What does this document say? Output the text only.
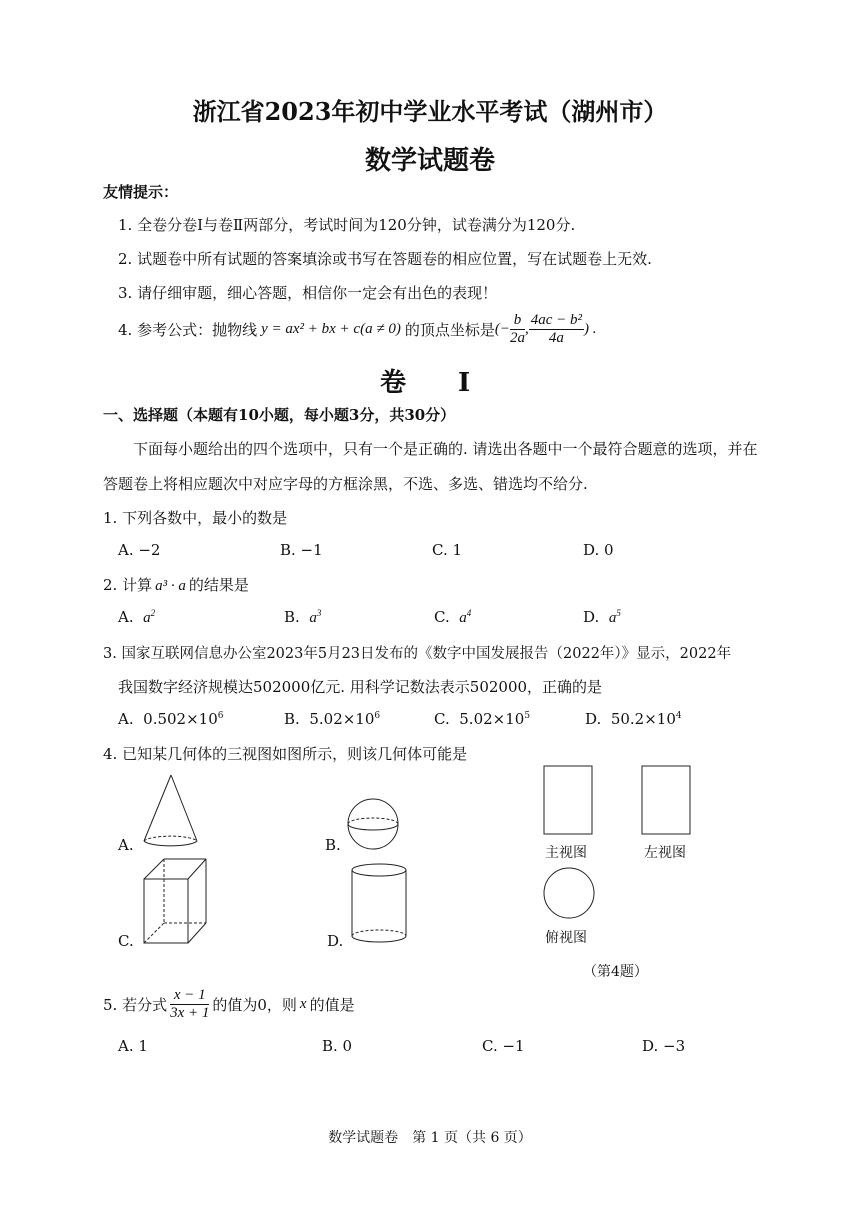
浙江省2023年初中学业水平考试（湖州市）
数学试题卷
友情提示：
1. 全卷分卷Ⅰ与卷Ⅱ两部分，考试时间为120分钟，试卷满分为120分.
2. 试题卷中所有试题的答案填涂或书写在答题卷的相应位置，写在试题卷上无效.
3. 请仔细审题，细心答题，相信你一定会有出色的表现！
4. 参考公式：抛物线 y = ax² + bx + c(a ≠ 0) 的顶点坐标是 (− $\frac{b}{2a}$ , $\frac{\text{4ac − b²}}{4a}$ ) .
卷　　Ⅰ
一、选择题（本题有10小题，每小题3分，共30分）
下面每小题给出的四个选项中，只有一个是正确的. 请选出各题中一个最符合题意的选项，并在
答题卷上将相应题次中对应字母的方框涂黑，不选、多选、错选均不给分.
1. 下列各数中，最小的数是
A. −2	B. −1	C. 1	D. 0
2. 计算 a³ · a 的结果是
A. $a^2$	B. $a^3$	C. $a^4$	D. $a^5$
3. 国家互联网信息办公室2023年5月23日发布的《数字中国发展报告（2022年）》显示，2022年
我国数字经济规模达502000亿元. 用科学记数法表示502000，正确的是
A. $0.502\times 10^6$	B. $5.02\times 10^6$	C. $5.02\times 10^5$	D. $50.2\times 10^4$
4. 已知某几何体的三视图如图所示，则该几何体可能是
A.	B.
C.	D.
主视图	左视图
俯视图
（第4题）
5. 若分式 $\frac{x - 1}{3x + 1}$ 的值为0，则 x 的值是
A. 1	B. 0	C. −1	D. −3
数学试题卷　第 1 页（共 6 页）
